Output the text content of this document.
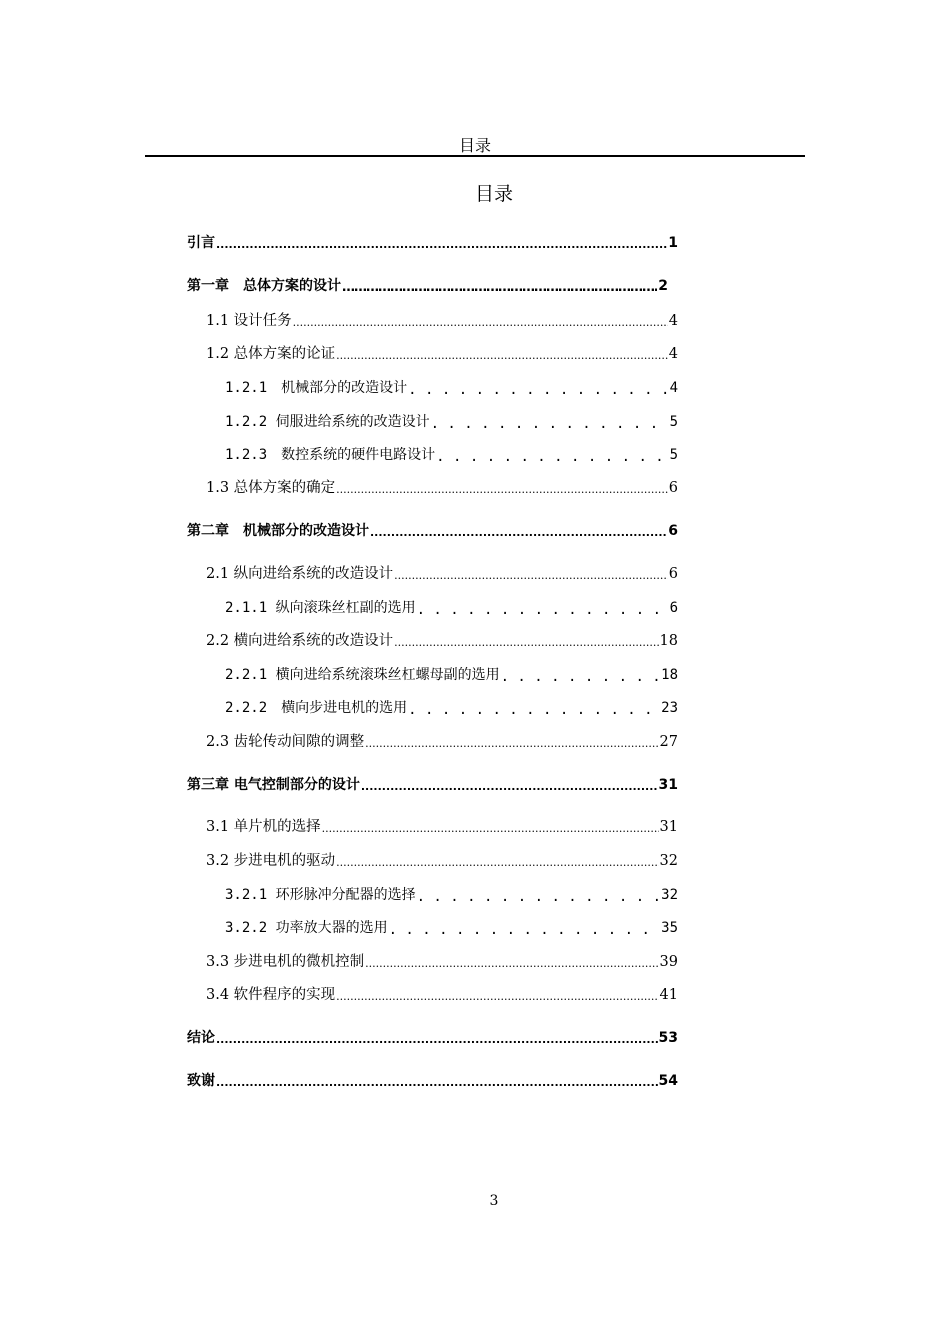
目录
目录
引言 .....	1
第一章　总体方案的设计 ……………………………………………………………………………………	2
1.1 设计任务 .....	4
1.2 总体方案的论证 .....	4
1.2.1　机械部分的改造设计 . . .	4
1.2.2 伺服进给系统的改造设计 . . .	5
1.2.3　数控系统的硬件电路设计 . . .	5
1.3 总体方案的确定 .....	6
第二章　机械部分的改造设计 .....	6
2.1 纵向进给系统的改造设计 .....	6
2.1.1 纵向滚珠丝杠副的选用 . . .	6
2.2 横向进给系统的改造设计 .....	18
2.2.1 横向进给系统滚珠丝杠螺母副的选用 . . .	18
2.2.2　横向步进电机的选用 . . .	23
2.3 齿轮传动间隙的调整 .....	27
第三章 电气控制部分的设计 .....	31
3.1 单片机的选择 .....	31
3.2 步进电机的驱动 .....	32
3.2.1 环形脉冲分配器的选择 . . .	32
3.2.2 功率放大器的选用 . . .	35
3.3 步进电机的微机控制 .....	39
3.4 软件程序的实现 .....	41
结论 .....	53
致谢 .....	54
3
